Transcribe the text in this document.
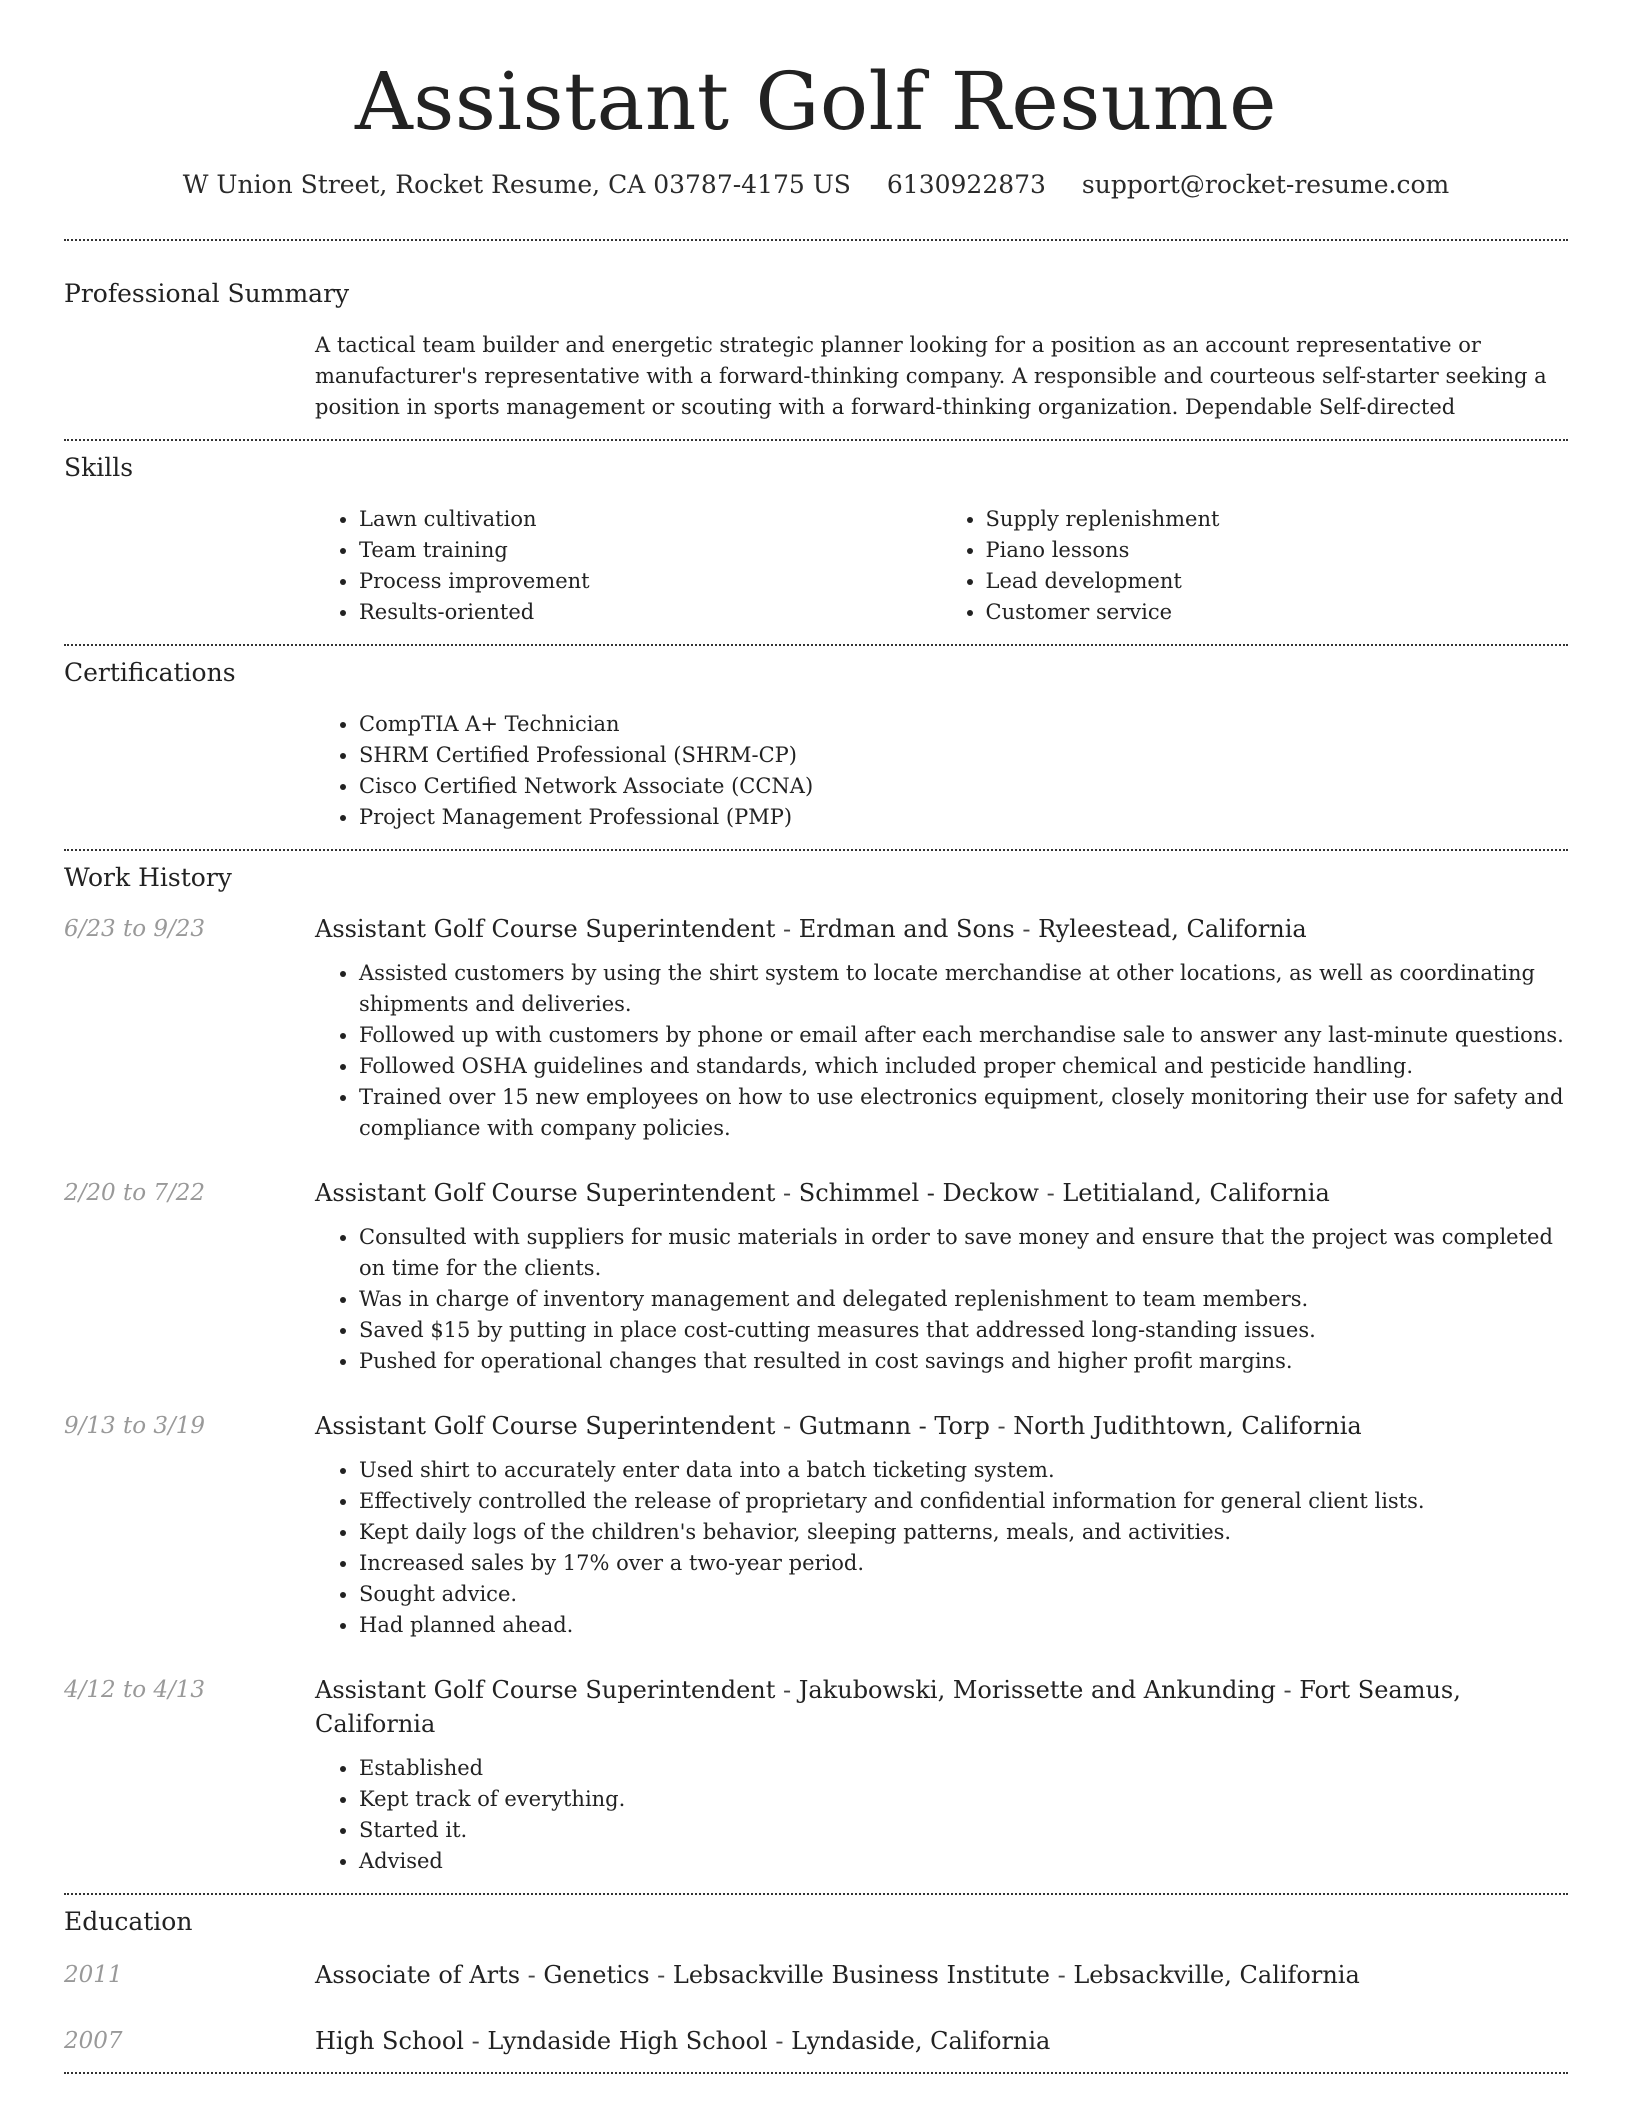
Assistant Golf Resume
W Union Street, Rocket Resume, CA 03787-4175 US 6130922873 support@rocket-resume.com
Professional Summary
A tactical team builder and energetic strategic planner looking for a position as an account representative or manufacturer's representative with a forward-thinking company. A responsible and courteous self-starter seeking a position in sports management or scouting with a forward-thinking organization. Dependable Self-directed
Skills
• Lawn cultivation
• Team training
• Process improvement
• Results-oriented
• Supply replenishment
• Piano lessons
• Lead development
• Customer service
Certifications
• CompTIA A+ Technician
• SHRM Certified Professional (SHRM-CP)
• Cisco Certified Network Associate (CCNA)
• Project Management Professional (PMP)
Work History
6/23 to 9/23	Assistant Golf Course Superintendent - Erdman and Sons - Ryleestead, California
• Assisted customers by using the shirt system to locate merchandise at other locations, as well as coordinating shipments and deliveries.
• Followed up with customers by phone or email after each merchandise sale to answer any last-minute questions.
• Followed OSHA guidelines and standards, which included proper chemical and pesticide handling.
• Trained over 15 new employees on how to use electronics equipment, closely monitoring their use for safety and compliance with company policies.
2/20 to 7/22	Assistant Golf Course Superintendent - Schimmel - Deckow - Letitialand, California
• Consulted with suppliers for music materials in order to save money and ensure that the project was completed on time for the clients.
• Was in charge of inventory management and delegated replenishment to team members.
• Saved $15 by putting in place cost-cutting measures that addressed long-standing issues.
• Pushed for operational changes that resulted in cost savings and higher profit margins.
9/13 to 3/19	Assistant Golf Course Superintendent - Gutmann - Torp - North Judithtown, California
• Used shirt to accurately enter data into a batch ticketing system.
• Effectively controlled the release of proprietary and confidential information for general client lists.
• Kept daily logs of the children's behavior, sleeping patterns, meals, and activities.
• Increased sales by 17% over a two-year period.
• Sought advice.
• Had planned ahead.
4/12 to 4/13	Assistant Golf Course Superintendent - Jakubowski, Morissette and Ankunding - Fort Seamus, California
• Established
• Kept track of everything.
• Started it.
• Advised
Education
2011	Associate of Arts - Genetics - Lebsackville Business Institute - Lebsackville, California
2007	High School - Lyndaside High School - Lyndaside, California
